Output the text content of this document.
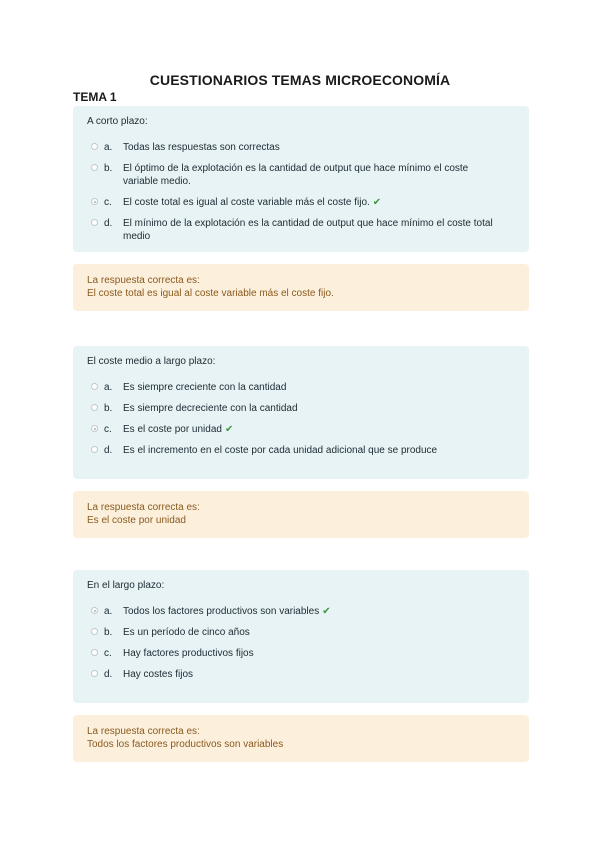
CUESTIONARIOS TEMAS MICROECONOMÍA
TEMA 1
A corto plazo:
a. Todas las respuestas son correctas
b. El óptimo de la explotación es la cantidad de output que hace mínimo el coste variable medio.
c. El coste total es igual al coste variable más el coste fijo. ✔
d. El mínimo de la explotación es la cantidad de output que hace mínimo el coste total medio
La respuesta correcta es:
El coste total es igual al coste variable más el coste fijo.
El coste medio a largo plazo:
a. Es siempre creciente con la cantidad
b. Es siempre decreciente con la cantidad
c. Es el coste por unidad ✔
d. Es el incremento en el coste por cada unidad adicional que se produce
La respuesta correcta es:
Es el coste por unidad
En el largo plazo:
a. Todos los factores productivos son variables ✔
b. Es un período de cinco años
c. Hay factores productivos fijos
d. Hay costes fijos
La respuesta correcta es:
Todos los factores productivos son variables
